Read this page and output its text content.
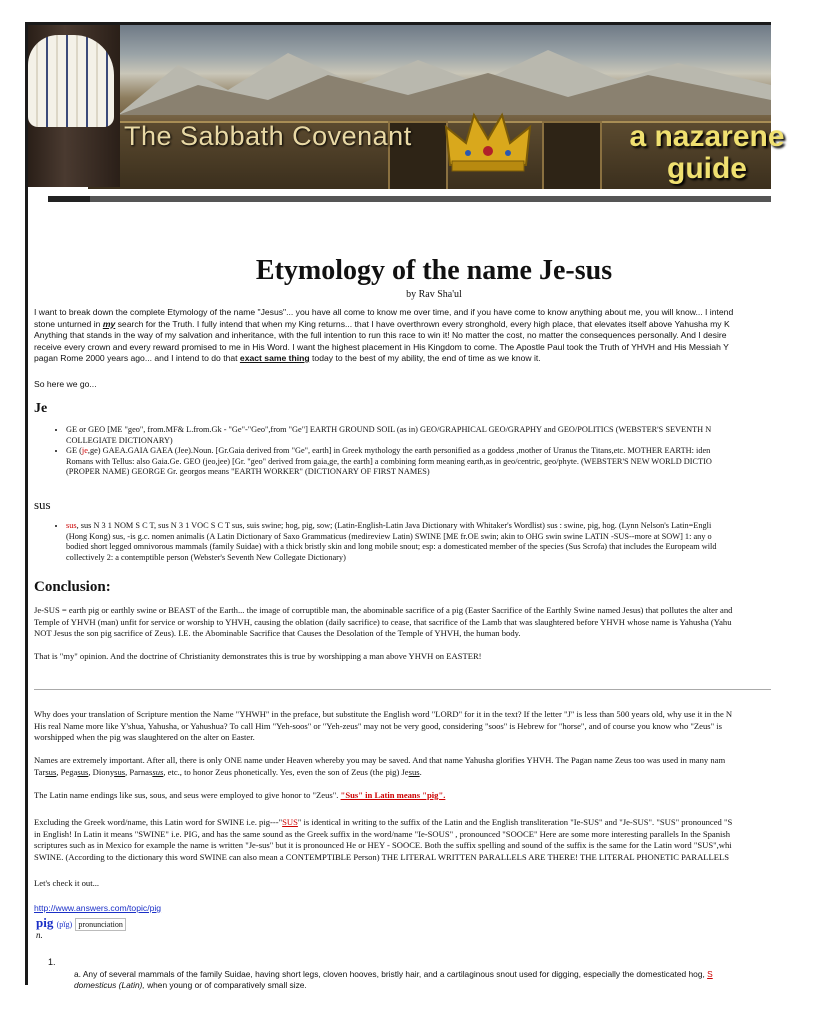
The Sabbath Covenant	a nazarene
guide
Etymology of the name Je-sus
by Rav Sha'ul
I want to break down the complete Etymology of the name "Jesus"... you have all come to know me over time, and if you have come to know anything about me, you will know... I intend
stone unturned in my search for the Truth. I fully intend that when my King returns... that I have overthrown every stronghold, every high place, that elevates itself above Yahusha my K
Anything that stands in the way of my salvation and inheritance, with the full intention to run this race to win it! No matter the cost, no matter the consequences personally. And I desire
receive every crown and every reward promised to me in His Word. I want the highest placement in His Kingdom to come. The Apostle Paul took the Truth of YHVH and His Messiah Y
pagan Rome 2000 years ago... and I intend to do that exact same thing today to the best of my ability, the end of time as we know it.
So here we go...
Je
• GE or GEO [ME "geo", from.MF& L.from.Gk - "Ge"-"Geo",from "Ge"] EARTH GROUND SOIL (as in) GEO/GRAPHICAL GEO/GRAPHY and GEO/POLITICS (WEBSTER'S SEVENTH N
COLLEGIATE DICTIONARY)
• GE (je,ge) GAEA.GAIA GAEA (Jee).Noun. [Gr.Gaia derived from "Ge", earth] in Greek mythology the earth personified as a goddess ,mother of Uranus the Titans,etc. MOTHER EARTH: iden
Romans with Tellus: also Gaia.Ge. GEO (jeo,jee) [Gr. "geo" derived from gaia,ge, the earth] a combining form meaning earth,as in geo/centric, geo/phyte. (WEBSTER'S NEW WORLD DICTIO
(PROPER NAME) GEORGE Gr. georgos means "EARTH WORKER" (DICTIONARY OF FIRST NAMES)
sus
• sus, sus N 3 1 NOM S C T, sus N 3 1 VOC S C T sus, suis swine; hog, pig, sow; (Latin-English-Latin Java Dictionary with Whitaker's Wordlist) sus : swine, pig, hog. (Lynn Nelson's Latin=Engli
(Hong Kong) sus, -is g.c. nomen animalis (A Latin Dictionary of Saxo Grammaticus (medireview Latin) SWINE [ME fr.OE swin; akin to OHG swin swine LATIN -SUS--more at SOW] 1: any o
bodied short legged omnivorous mammals (family Suidae) with a thick bristly skin and long mobile snout; esp: a domesticated member of the species (Sus Scrofa) that includes the Europeam wild
collectively 2: a contemptible person (Webster's Seventh New Collegate Dictionary)
Conclusion:
Je-SUS = earth pig or earthly swine or BEAST of the Earth... the image of corruptible man, the abominable sacrifice of a pig (Easter Sacrifice of the Earthly Swine named Jesus) that pollutes the alter and
Temple of YHVH (man) unfit for service or worship to YHVH, causing the oblation (daily sacrifice) to cease, that sacrifice of the Lamb that was slaughtered before YHVH whose name is Yahusha (Yahu
NOT Jesus the son pig sacrifice of Zeus). I.E. the Abominable Sacrifice that Causes the Desolation of the Temple of YHVH, the human body.
That is "my" opinion. And the doctrine of Christianity demonstrates this is true by worshipping a man above YHVH on EASTER!
Why does your translation of Scripture mention the Name "YHWH" in the preface, but substitute the English word "LORD" for it in the text? If the letter "J" is less than 500 years old, why use it in the N
His real Name more like Y'shua, Yahusha, or Yahushua? To call Him "Yeh-soos" or "Yeh-zeus" may not be very good, considering "soos" is Hebrew for "horse", and of course you know who "Zeus" is
worshipped when the pig was slaughtered on the alter on Easter.
Names are extremely important. After all, there is only ONE name under Heaven whereby you may be saved. And that name Yahusha glorifies YHVH. The Pagan name Zeus too was used in many nam
Tarsus, Pegasus, Dionysus, Parnassus, etc., to honor Zeus phonetically. Yes, even the son of Zeus (the pig) Jesus.
The Latin name endings like sus, sous, and seus were employed to give honor to "Zeus". "Sus" in Latin means "pig".
Excluding the Greek word/name, this Latin word for SWINE i.e. pig---"SUS" is identical in writing to the suffix of the Latin and the English transliteration "Ie-SUS" and "Je-SUS". "SUS" pronounced "S
in English! In Latin it means "SWINE" i.e. PIG, and has the same sound as the Greek suffix in the word/name "Ie-SOUS" , pronounced "SOOCE" Here are some more interesting parallels In the Spanish
scriptures such as in Mexico for example the name is written "Je-sus" but it is pronounced He or HEY - SOOCE. Both the suffix spelling and sound of the suffix is the same for the Latin word "SUS",whi
SWINE. (According to the dictionary this word SWINE can also mean a CONTEMPTIBLE Person) THE LITERAL WRITTEN PARALLELS ARE THERE! THE LITERAL PHONETIC PARALLELS
Let's check it out...
http://www.answers.com/topic/pig
pig (pĭg) pronunciation
n.
1.
a. Any of several mammals of the family Suidae, having short legs, cloven hooves, bristly hair, and a cartilaginous snout used for digging, especially the domesticated hog, S
domesticus (Latin), when young or of comparatively small size.
